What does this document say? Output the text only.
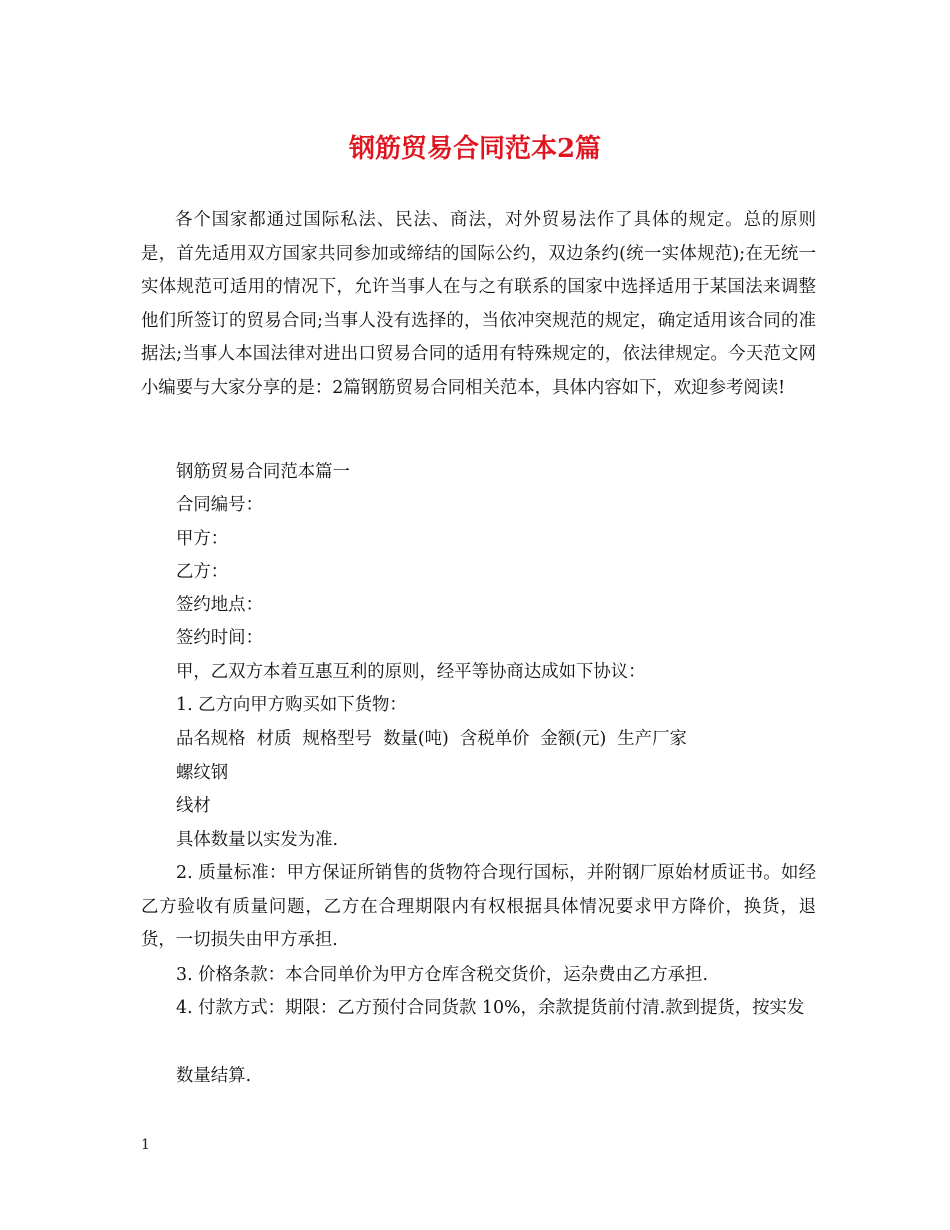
钢筋贸易合同范本2篇

各个国家都通过国际私法、民法、商法，对外贸易法作了具体的规定。总的原则是，首先适用双方国家共同参加或缔结的国际公约，双边条约(统一实体规范);在无统一实体规范可适用的情况下，允许当事人在与之有联系的国家中选择适用于某国法来调整他们所签订的贸易合同;当事人没有选择的，当依冲突规范的规定，确定适用该合同的准据法;当事人本国法律对进出口贸易合同的适用有特殊规定的，依法律规定。今天范文网小编要与大家分享的是：2篇钢筋贸易合同相关范本，具体内容如下，欢迎参考阅读!

钢筋贸易合同范本篇一

合同编号：

甲方：

乙方：

签约地点：

签约时间：

甲，乙双方本着互惠互利的原则，经平等协商达成如下协议：

1. 乙方向甲方购买如下货物：

品名规格  材质  规格型号  数量(吨)  含税单价  金额(元)  生产厂家

螺纹钢

线材

具体数量以实发为准.

2. 质量标准：甲方保证所销售的货物符合现行国标，并附钢厂原始材质证书。如经乙方验收有质量问题，乙方在合理期限内有权根据具体情况要求甲方降价，换货，退货，一切损失由甲方承担.

3. 价格条款：本合同单价为甲方仓库含税交货价，运杂费由乙方承担.

4. 付款方式：期限：乙方预付合同货款 10%，余款提货前付清.款到提货，按实发

数量结算.

1
